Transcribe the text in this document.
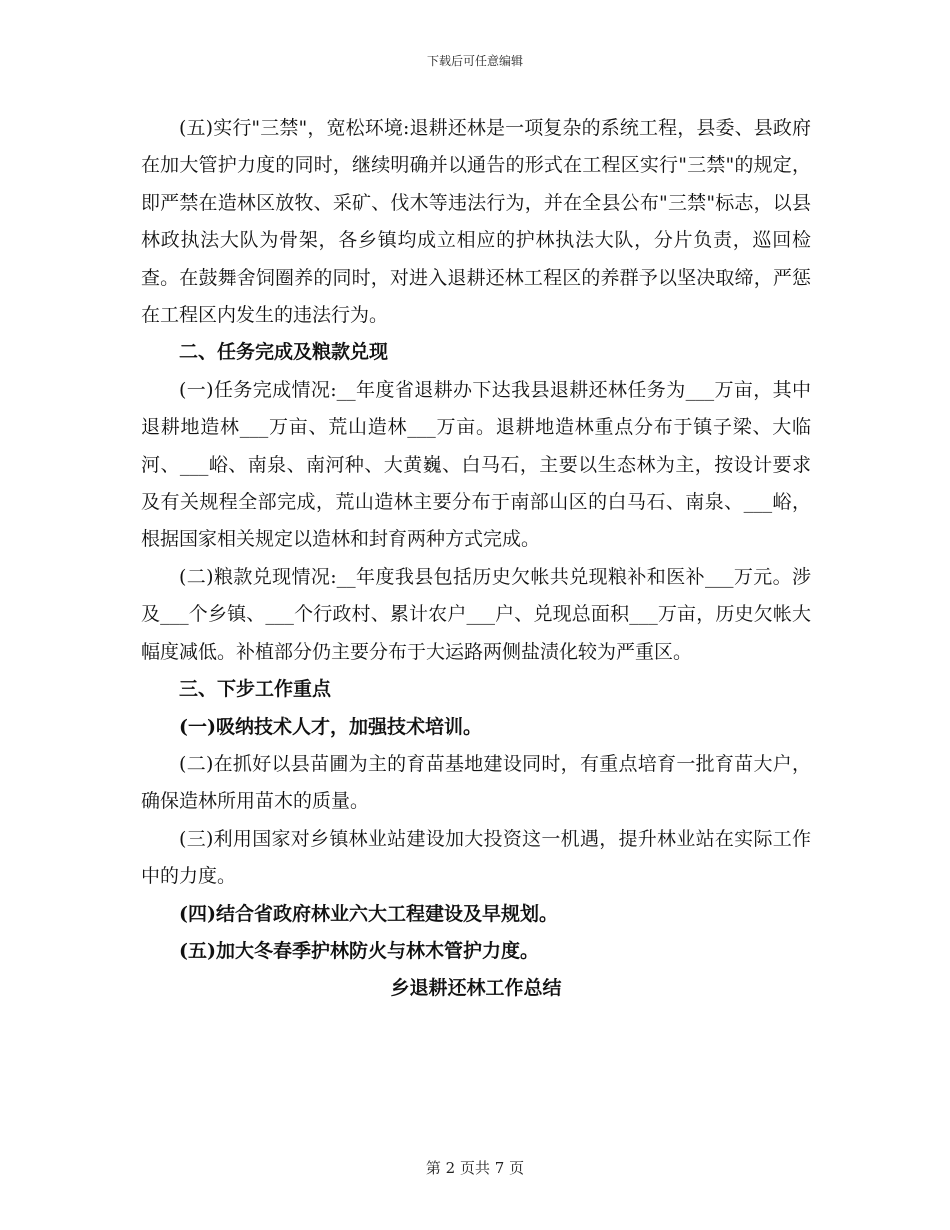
下载后可任意编辑

(五)实行"三禁"，宽松环境:退耕还林是一项复杂的系统工程，县委、县政府在加大管护力度的同时，继续明确并以通告的形式在工程区实行"三禁"的规定，即严禁在造林区放牧、采矿、伐木等违法行为，并在全县公布"三禁"标志，以县林政执法大队为骨架，各乡镇均成立相应的护林执法大队，分片负责，巡回检查。在鼓舞舍饲圈养的同时，对进入退耕还林工程区的养群予以坚决取缔，严惩在工程区内发生的违法行为。

二、任务完成及粮款兑现

(一)任务完成情况:__年度省退耕办下达我县退耕还林任务为___万亩，其中退耕地造林___万亩、荒山造林___万亩。退耕地造林重点分布于镇子梁、大临河、___峪、南泉、南河种、大黄巍、白马石，主要以生态林为主，按设计要求及有关规程全部完成，荒山造林主要分布于南部山区的白马石、南泉、___峪，根据国家相关规定以造林和封育两种方式完成。

(二)粮款兑现情况:__年度我县包括历史欠帐共兑现粮补和医补___万元。涉及___个乡镇、___个行政村、累计农户___户、兑现总面积___万亩，历史欠帐大幅度减低。补植部分仍主要分布于大运路两侧盐渍化较为严重区。

三、下步工作重点

(一)吸纳技术人才，加强技术培训。

(二)在抓好以县苗圃为主的育苗基地建设同时，有重点培育一批育苗大户，确保造林所用苗木的质量。

(三)利用国家对乡镇林业站建设加大投资这一机遇，提升林业站在实际工作中的力度。

(四)结合省政府林业六大工程建设及早规划。

(五)加大冬春季护林防火与林木管护力度。

乡退耕还林工作总结

第 2 页共 7 页
